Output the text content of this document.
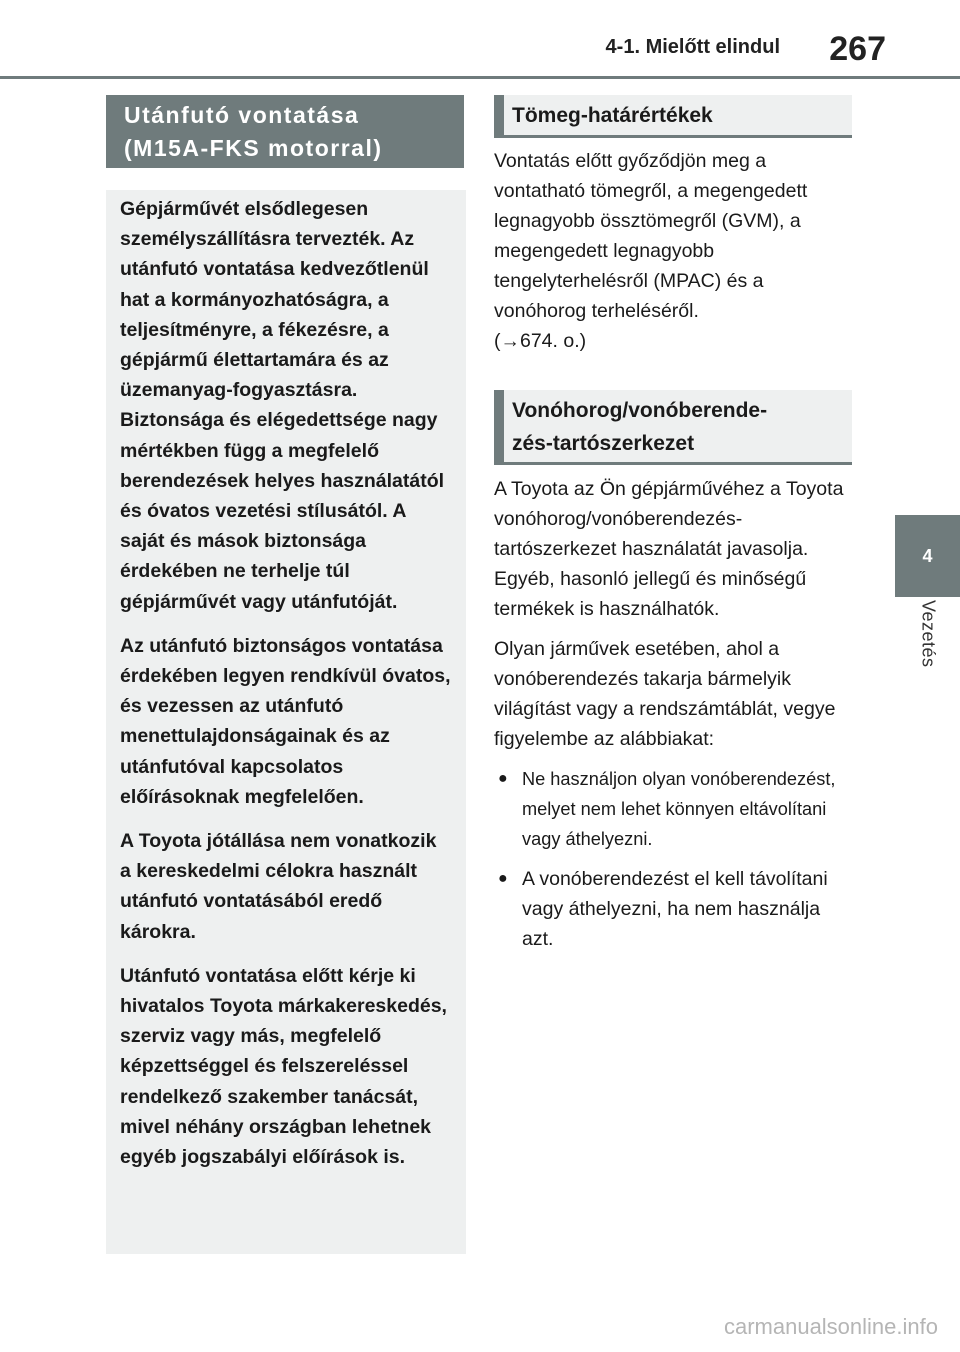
4-1. Mielőtt elindul 267
4
Vezetés
Utánfutó vontatása
(M15A-FKS motorral)

Gépjárművét elsődlegesen személyszállításra tervezték. Az utánfutó vontatása kedvezőtlenül hat a kormányozhatóságra, a teljesítményre, a fékezésre, a gépjármű élettartamára és az üzemanyag-fogyasztásra. Biztonsága és elégedettsége nagy mértékben függ a megfelelő berendezések helyes használatától és óvatos vezetési stílusától. A saját és mások biztonsága érdekében ne terhelje túl gépjárművét vagy utánfutóját.

Az utánfutó biztonságos vontatása érdekében legyen rendkívül óvatos, és vezessen az utánfutó menettulajdonságainak és az utánfutóval kapcsolatos előírásoknak megfelelően.

A Toyota jótállása nem vonatkozik a kereskedelmi célokra használt utánfutó vontatásából eredő károkra.

Utánfutó vontatása előtt kérje ki hivatalos Toyota márkakereskedés, szerviz vagy más, megfelelő képzettséggel és felszereléssel rendelkező szakember tanácsát, mivel néhány országban lehetnek egyéb jogszabályi előírások is.

Tömeg-határértékek

Vontatás előtt győződjön meg a vontatható tömegről, a megengedett legnagyobb össztömegről (GVM), a megengedett legnagyobb tengelyterhelésről (MPAC) és a vonóhorog terheléséről.

(→674. o.)

Vonóhorog/vonóberende-
zés-tartószerkezet

A Toyota az Ön gépjárművéhez a Toyota vonóhorog/vonóberendezés-tartószerkezet használatát javasolja. Egyéb, hasonló jellegű és minőségű termékek is használhatók.

Olyan járművek esetében, ahol a vonóberendezés takarja bármelyik világítást vagy a rendszámtáblát, vegye figyelembe az alábbiakat:

● Ne használjon olyan vonóberendezést, melyet nem lehet könnyen eltávolítani vagy áthelyezni.
● A vonóberendezést el kell távolítani vagy áthelyezni, ha nem használja azt.
carmanualsonline.info
